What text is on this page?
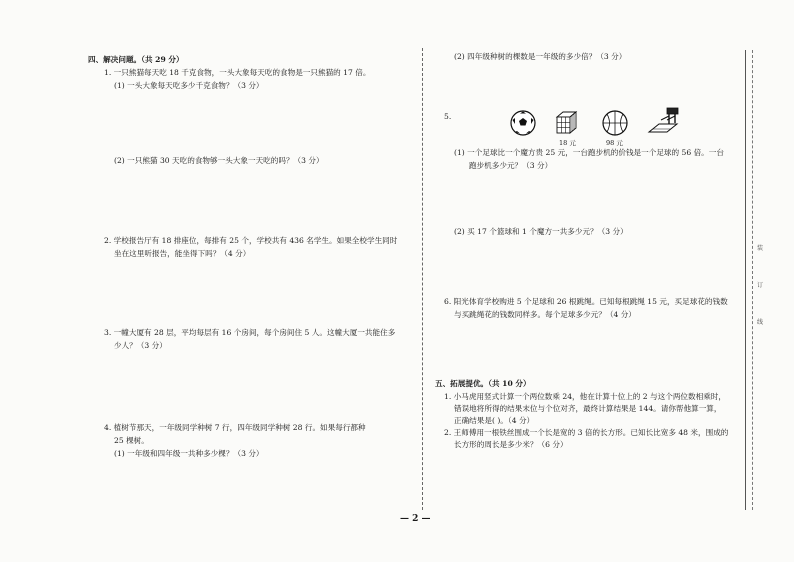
四、解决问题。（共 29 分）
1. 一只熊猫每天吃 18 千克食物，一头大象每天吃的食物是一只熊猫的 17 倍。
(1) 一头大象每天吃多少千克食物？（3 分）
(2) 一只熊猫 30 天吃的食物够一头大象一天吃的吗？（3 分）
2. 学校报告厅有 18 排座位，每排有 25 个，学校共有 436 名学生。如果全校学生同时
坐在这里听报告，能坐得下吗？（4 分）
3. 一幢大厦有 28 层，平均每层有 16 个房间，每个房间住 5 人。这幢大厦一共能住多
少人？（3 分）
4. 植树节那天，一年级同学种树 7 行，四年级同学种树 28 行。如果每行都种
25 棵树。
(1) 一年级和四年级一共种多少棵？（3 分）
(2) 四年级种树的棵数是一年级的多少倍？（3 分）
5.
18 元	98 元
(1) 一个足球比一个魔方贵 25 元，一台跑步机的价钱是一个足球的 56 倍。一台
跑步机多少元？（3 分）
(2) 买 17 个篮球和 1 个魔方一共多少元？（3 分）
6. 阳光体育学校购进 5 个足球和 26 根跳绳。已知每根跳绳 15 元，买足球花的钱数
与买跳绳花的钱数同样多。每个足球多少元？（4 分）
五、拓展提优。（共 10 分）
1. 小马虎用竖式计算一个两位数乘 24，他在计算十位上的 2 与这个两位数相乘时，
错误地将所得的结果末位与个位对齐，最终计算结果是 144。请你帮他算一算，
正确结果是( )。（4 分）
2. 王师傅用一根铁丝围成一个长是宽的 3 倍的长方形。已知长比宽多 48 米，围成的
长方形的周长是多少米？（6 分）
装
订
线
— 2 —
